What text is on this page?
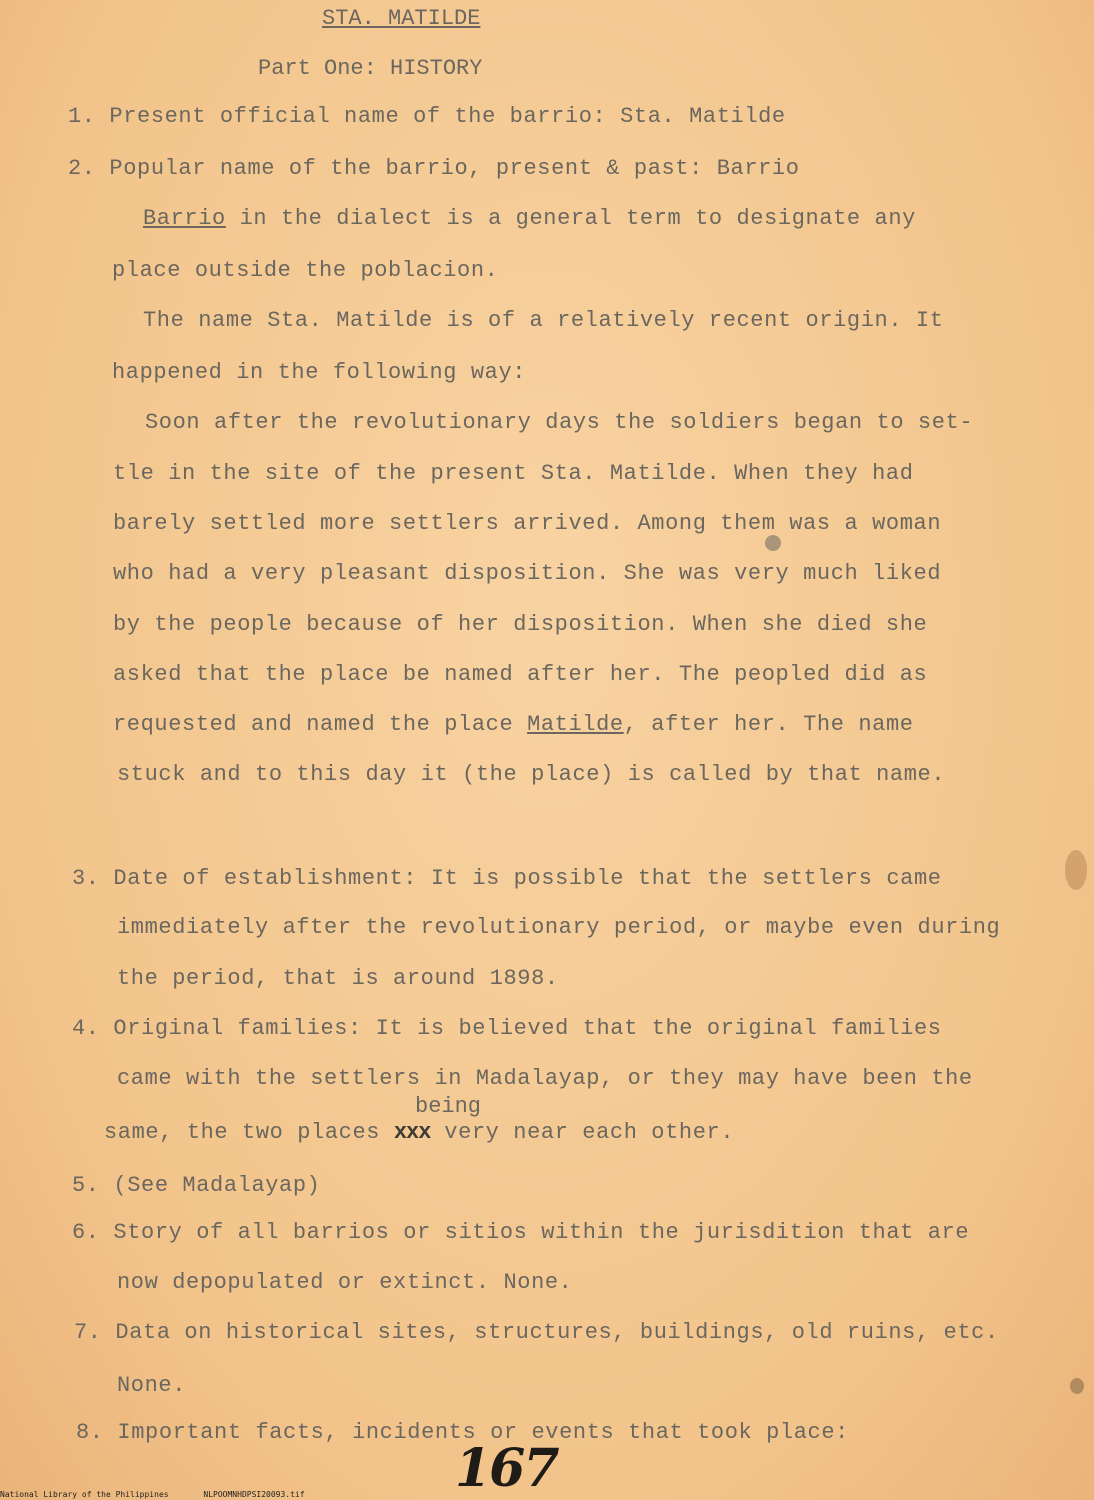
STA. MATILDE
Part One: HISTORY
1. Present official name of the barrio: Sta. Matilde
2. Popular name of the barrio, present & past: Barrio
Barrio in the dialect is a general term to designate any
place outside the poblacion.
The name Sta. Matilde is of a relatively recent origin. It
happened in the following way:
Soon after the revolutionary days the soldiers began to set-
tle in the site of the present Sta. Matilde. When they had
barely settled more settlers arrived. Among them was a woman
who had a very pleasant disposition. She was very much liked
by the people because of her disposition. When she died she
asked that the place be named after her. The peopled did as
requested and named the place Matilde, after her. The name
stuck and to this day it (the place) is called by that name.
3. Date of establishment: It is possible that the settlers came
immediately after the revolutionary period, or maybe even during
the period, that is around 1898.
4. Original families: It is believed that the original families
came with the settlers in Madalayap, or they may have been the
being
same, the two places xxx very near each other.
5. (See Madalayap)
6. Story of all barrios or sitios within the jurisdition that are
now depopulated or extinct. None.
7. Data on historical sites, structures, buildings, old ruins, etc.
None.
8. Important facts, incidents or events that took place:
167
National Library of the Philippines	NLPOOMNHDPSI20093.tif
